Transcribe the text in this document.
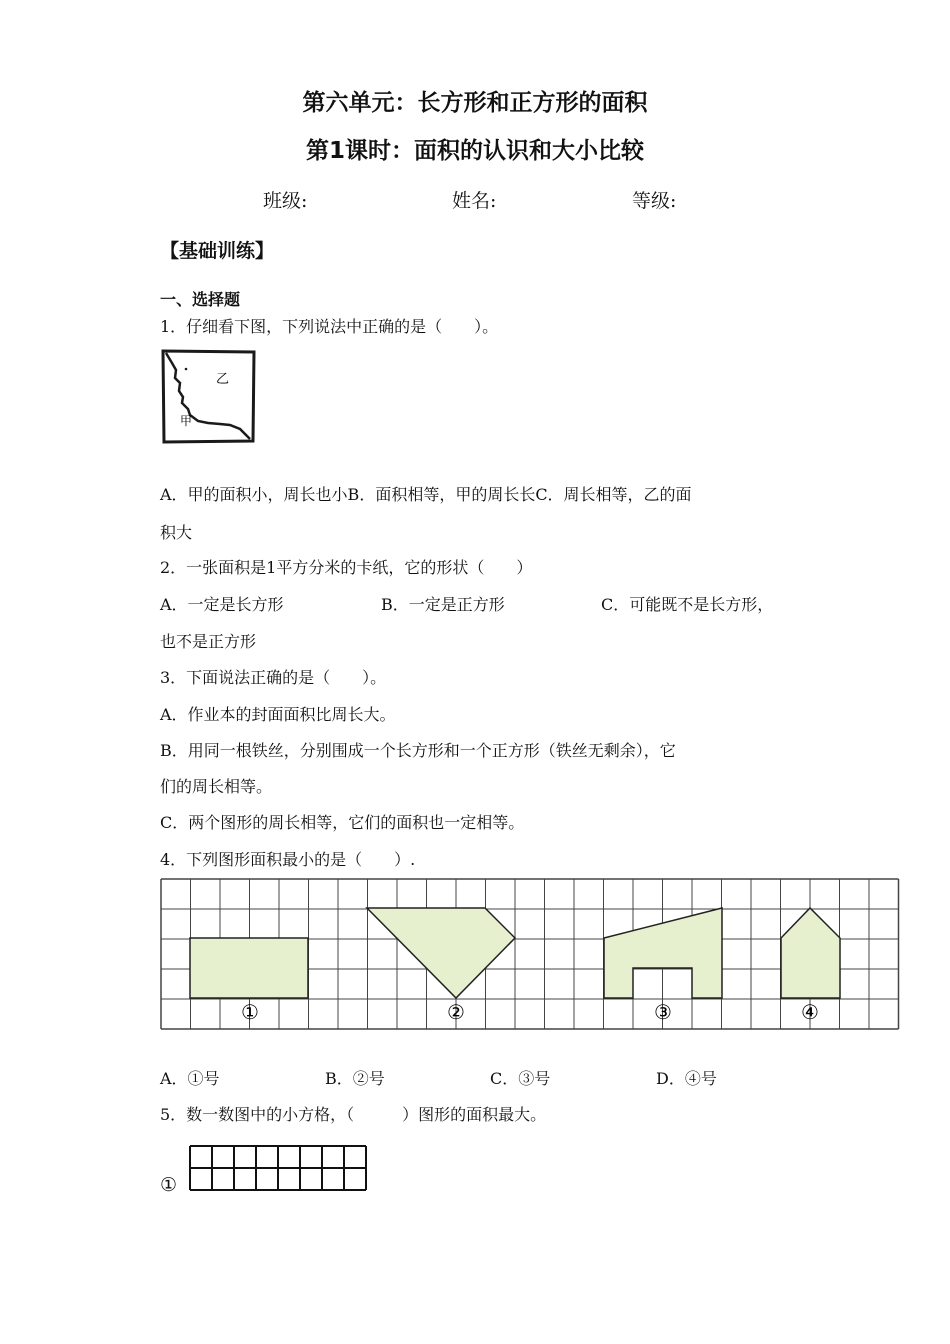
第六单元：长方形和正方形的面积
第1课时：面积的认识和大小比较
班级:	姓名:	等级:
【基础训练】
一、选择题
1．仔细看下图，下列说法中正确的是（　　）。
乙
甲
A．甲的面积小，周长也小B．面积相等，甲的周长长C．周长相等，乙的面
积大
2．一张面积是1平方分米的卡纸，它的形状（　　）
A．一定是长方形	B．一定是正方形	C．可能既不是长方形，
也不是正方形
3．下面说法正确的是（　　）。
A．作业本的封面面积比周长大。
B．用同一根铁丝，分别围成一个长方形和一个正方形（铁丝无剩余），它
们的周长相等。
C．两个图形的周长相等，它们的面积也一定相等。
4．下列图形面积最小的是（　　）.
①	②	③	④
A．①号	B．②号	C．③号	D．④号
5．数一数图中的小方格，（　　　）图形的面积最大。
①
